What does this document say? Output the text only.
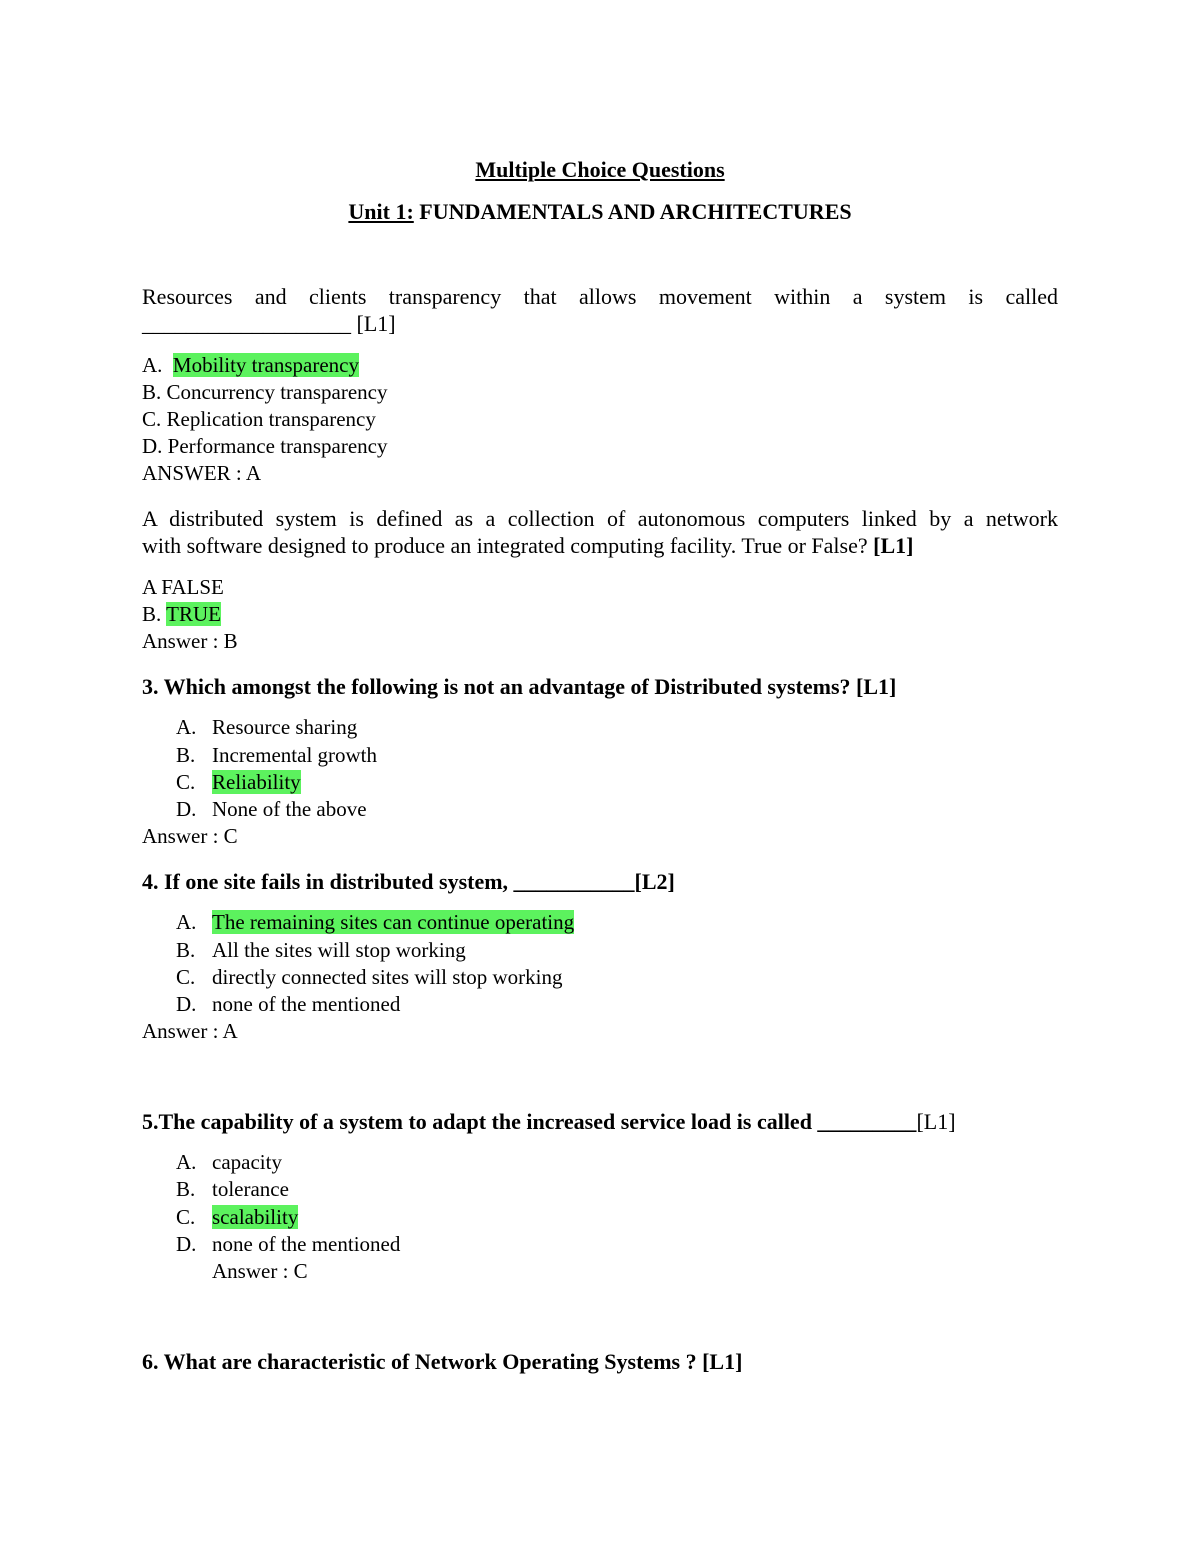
Multiple Choice Questions
Unit 1: FUNDAMENTALS AND ARCHITECTURES
Resources and clients transparency that allows movement within a system is called
___________________ [L1]
A. Mobility transparency
B. Concurrency transparency
C. Replication transparency
D. Performance transparency
ANSWER : A
A distributed system is defined as a collection of autonomous computers linked by a network
with software designed to produce an integrated computing facility. True or False? [L1]
A FALSE
B. TRUE
Answer : B
3. Which amongst the following is not an advantage of Distributed systems? [L1]
A. Resource sharing
B. Incremental growth
C. Reliability
D. None of the above
Answer : C
4. If one site fails in distributed system, ___________[L2]
A. The remaining sites can continue operating
B. All the sites will stop working
C. directly connected sites will stop working
D. none of the mentioned
Answer : A
5.The capability of a system to adapt the increased service load is called _________[L1]
A. capacity
B. tolerance
C. scalability
D. none of the mentioned
Answer : C
6. What are characteristic of Network Operating Systems ? [L1]
